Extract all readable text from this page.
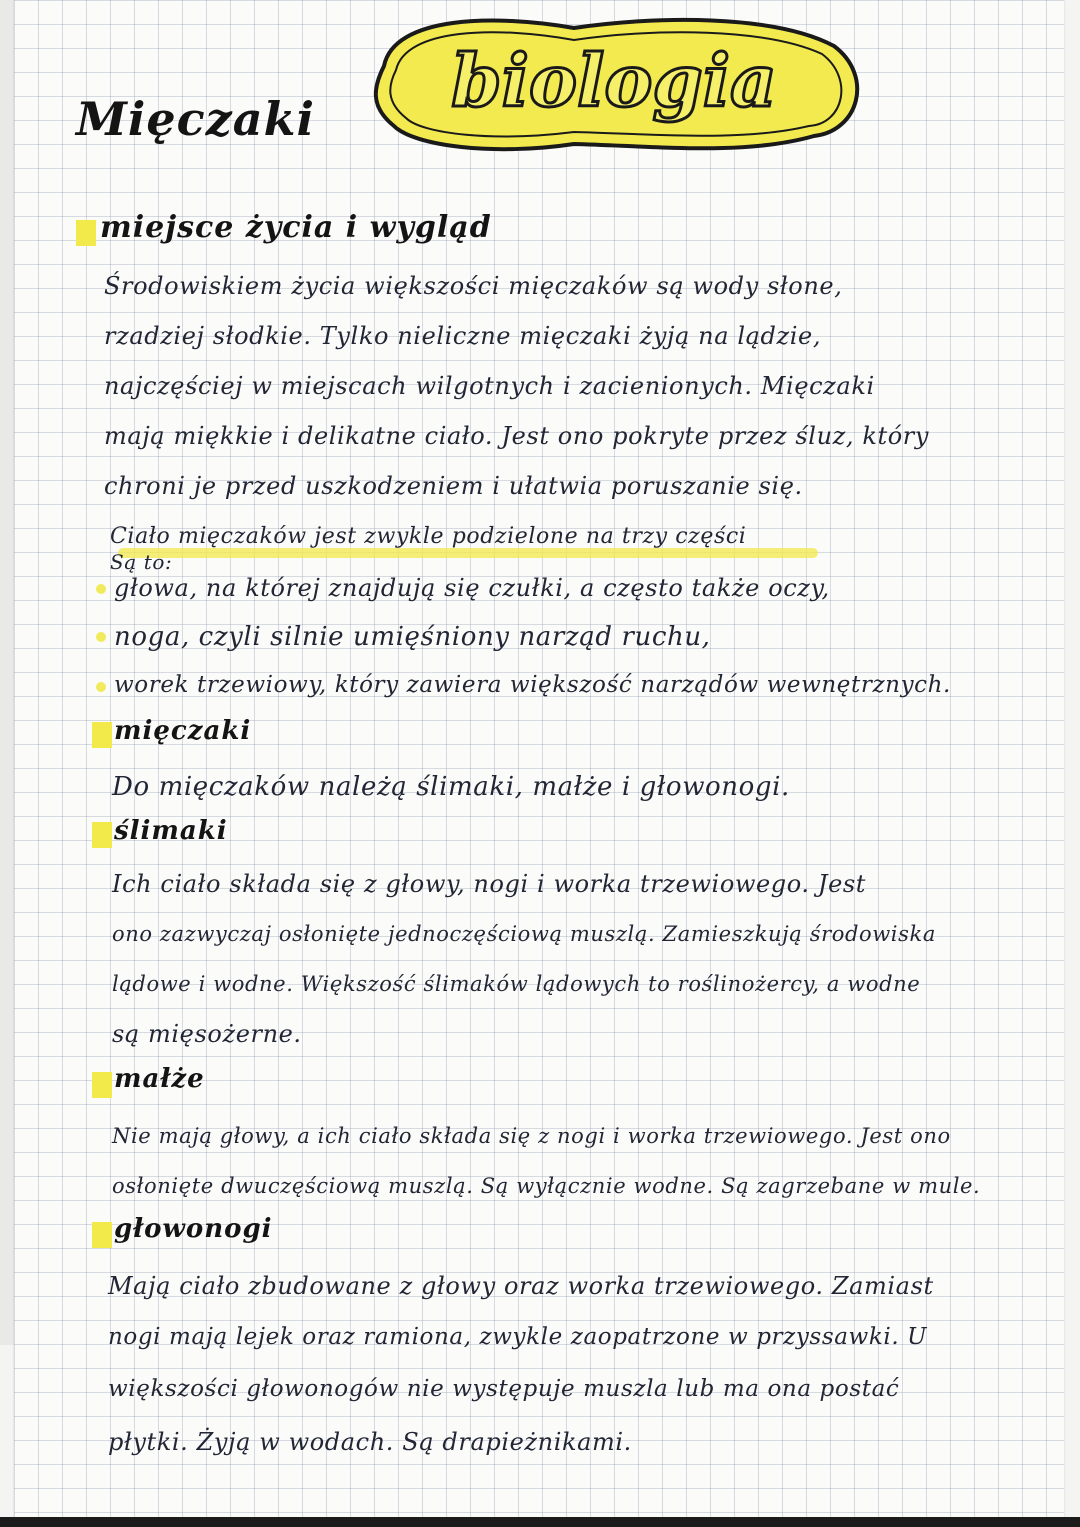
biologia
Mięczaki
miejsce życia i wygląd
Środowiskiem życia większości mięczaków są wody słone,
rzadziej słodkie. Tylko nieliczne mięczaki żyją na lądzie,
najczęściej w miejscach wilgotnych i zacienionych. Mięczaki
mają miękkie i delikatne ciało. Jest ono pokryte przez śluz, który
chroni je przed uszkodzeniem i ułatwia poruszanie się.
Ciało mięczaków jest zwykle podzielone na trzy części
Są to:
głowa, na której znajdują się czułki, a często także oczy,
noga, czyli silnie umięśniony narząd ruchu,
worek trzewiowy, który zawiera większość narządów wewnętrznych.
mięczaki
Do mięczaków należą ślimaki, małże i głowonogi.
ślimaki
Ich ciało składa się z głowy, nogi i worka trzewiowego. Jest
ono zazwyczaj osłonięte jednoczęściową muszlą. Zamieszkują środowiska
lądowe i wodne. Większość ślimaków lądowych to roślinożercy, a wodne
są mięsożerne.
małże
Nie mają głowy, a ich ciało składa się z nogi i worka trzewiowego. Jest ono
osłonięte dwuczęściową muszlą. Są wyłącznie wodne. Są zagrzebane w mule.
głowonogi
Mają ciało zbudowane z głowy oraz worka trzewiowego. Zamiast
nogi mają lejek oraz ramiona, zwykle zaopatrzone w przyssawki. U
większości głowonogów nie występuje muszla lub ma ona postać
płytki. Żyją w wodach. Są drapieżnikami.
